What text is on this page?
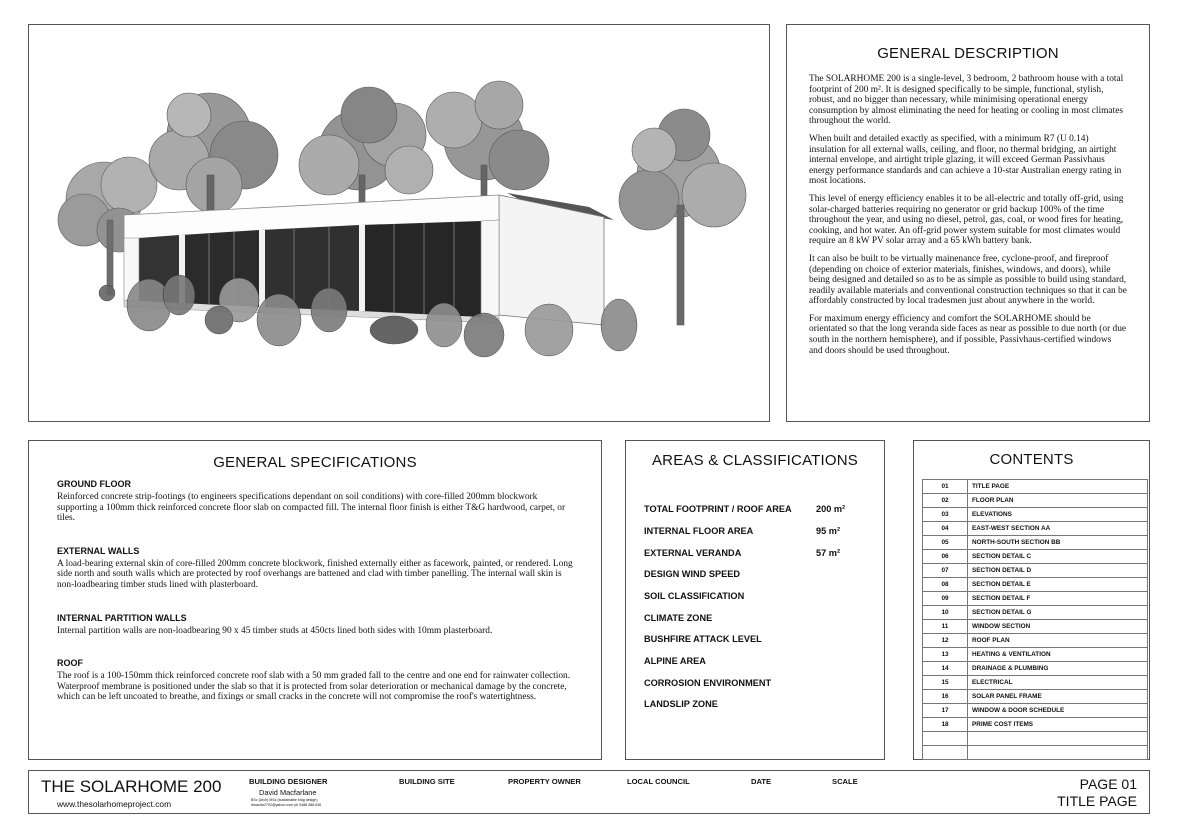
GENERAL DESCRIPTION

The SOLARHOME 200 is a single-level, 3 bedroom, 2 bathroom house with a total footprint of 200 m². It is designed specifically to be simple, functional, stylish, robust, and no bigger than necessary, while minimising operational energy consumption by almost eliminating the need for heating or cooling in most climates throughout the world.

When built and detailed exactly as specified, with a minimum R7 (U 0.14) insulation for all external walls, ceiling, and floor, no thermal bridging, an airtight internal envelope, and airtight triple glazing, it will exceed German Passivhaus energy performance standards and can achieve a 10-star Australian energy rating in most locations.

This level of energy efficiency enables it to be all-electric and totally off-grid, using solar-charged batteries requiring no generator or grid backup 100% of the time throughout the year, and using no diesel, petrol, gas, coal, or wood fires for heating, cooking, and hot water. An off-grid power system suitable for most climates would require an 8 kW PV solar array and a 65 kWh battery bank.

It can also be built to be virtually mainenance free, cyclone-proof, and fireproof (depending on choice of exterior materials, finishes, windows, and doors), while being designed and detailed so as to be as simple as possible to build using standard, readily available materials and conventional construction techniques so that it can be affordably constructed by local tradesmen just about anywhere in the world.

For maximum energy efficiency and comfort the SOLARHOME should be orientated so that the long veranda side faces as near as possible to due north (or due south in the northern hemisphere), and if possible, Passivhaus-certified windows and doors should be used throughout.

GENERAL SPECIFICATIONS
GROUND FLOOR

Reinforced concrete strip-footings (to engineers specifications dependant on soil conditions) with core-filled 200mm blockwork supporting a 100mm thick reinforced concrete floor slab on compacted fill. The internal floor finish is either T&G hardwood, carpet, or tiles.

EXTERNAL WALLS

A load-bearing external skin of core-filled 200mm concrete blockwork, finished externally either as facework, painted, or rendered. Long side north and south walls which are protected by roof overhangs are battened and clad with timber panelling. The internal wall skin is non-loadbearing timber studs lined with plasterboard.

INTERNAL PARTITION WALLS

Internal partition walls are non-loadbearing 90 x 45 timber studs at 450cts lined both sides with 10mm plasterboard.

ROOF

The roof is a 100-150mm thick reinforced concrete roof slab with a 50 mm graded fall to the centre and one end for rainwater collection. Waterproof membrane is positioned under the slab so that it is protected from solar deterioration or mechanical damage by the concrete, which can be left uncoated to breathe, and fixings or small cracks in the concrete will not compromise the roof's watertightness.

AREAS & CLASSIFICATIONS
TOTAL FOOTPRINT / ROOF AREA	200 m²
INTERNAL FLOOR AREA	95 m²
EXTERNAL VERANDA	57 m²
DESIGN WIND SPEED
SOIL CLASSIFICATION
CLIMATE ZONE
BUSHFIRE ATTACK LEVEL
ALPINE AREA
CORROSION ENVIRONMENT
LANDSLIP ZONE
CONTENTS
01	TITLE PAGE
02	FLOOR PLAN
03	ELEVATIONS
04	EAST-WEST SECTION AA
05	NORTH-SOUTH SECTION BB
06	SECTION DETAIL C
07	SECTION DETAIL D
08	SECTION DETAIL E
09	SECTION DETAIL F
10	SECTION DETAIL G
11	WINDOW SECTION
12	ROOF PLAN
13	HEATING & VENTILATION
14	DRAINAGE & PLUMBING
15	ELECTRICAL
16	SOLAR PANEL FRAME
17	WINDOW & DOOR SCHEDULE
18	PRIME COST ITEMS

THE SOLARHOME 200
www.thesolarhomeproject.com
BUILDING DESIGNER
David Macfarlane
BSc (Arch) MSc (sustainable bldg design)
dmacfar2702@yahoo.com ph 0488 488 636
BUILDING SITE	PROPERTY OWNER	LOCAL COUNCIL	DATE	SCALE	PAGE 01
TITLE PAGE
